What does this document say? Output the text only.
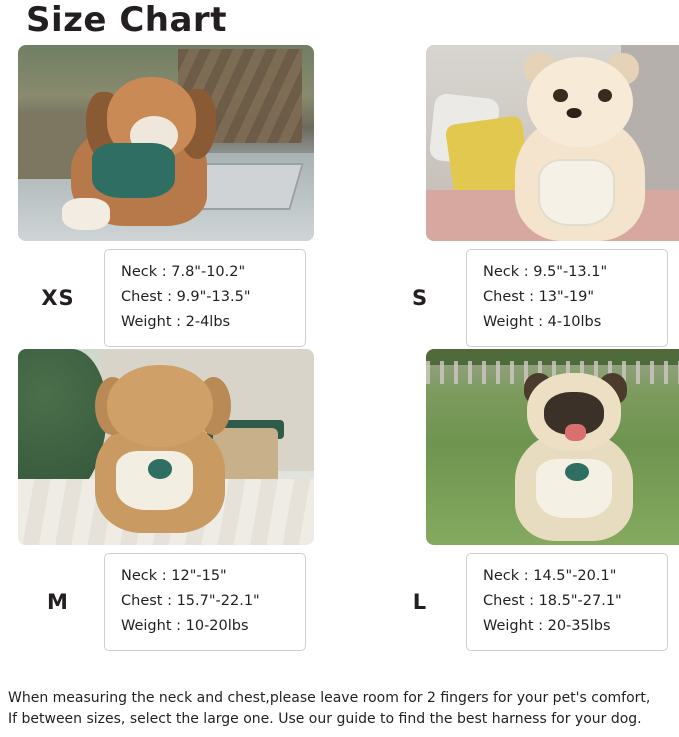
Size Chart
XS
Neck : 7.8"-10.2"
Chest : 9.9"-13.5"
Weight : 2-4lbs
S
Neck : 9.5"-13.1"
Chest : 13"-19"
Weight : 4-10lbs
M
Neck : 12"-15"
Chest : 15.7"-22.1"
Weight : 10-20lbs
L
Neck : 14.5"-20.1"
Chest : 18.5"-27.1"
Weight : 20-35lbs
When measuring the neck and chest,please leave room for 2 fingers for your pet's comfort,
If between sizes, select the large one. Use our guide to find the best harness for your dog.
